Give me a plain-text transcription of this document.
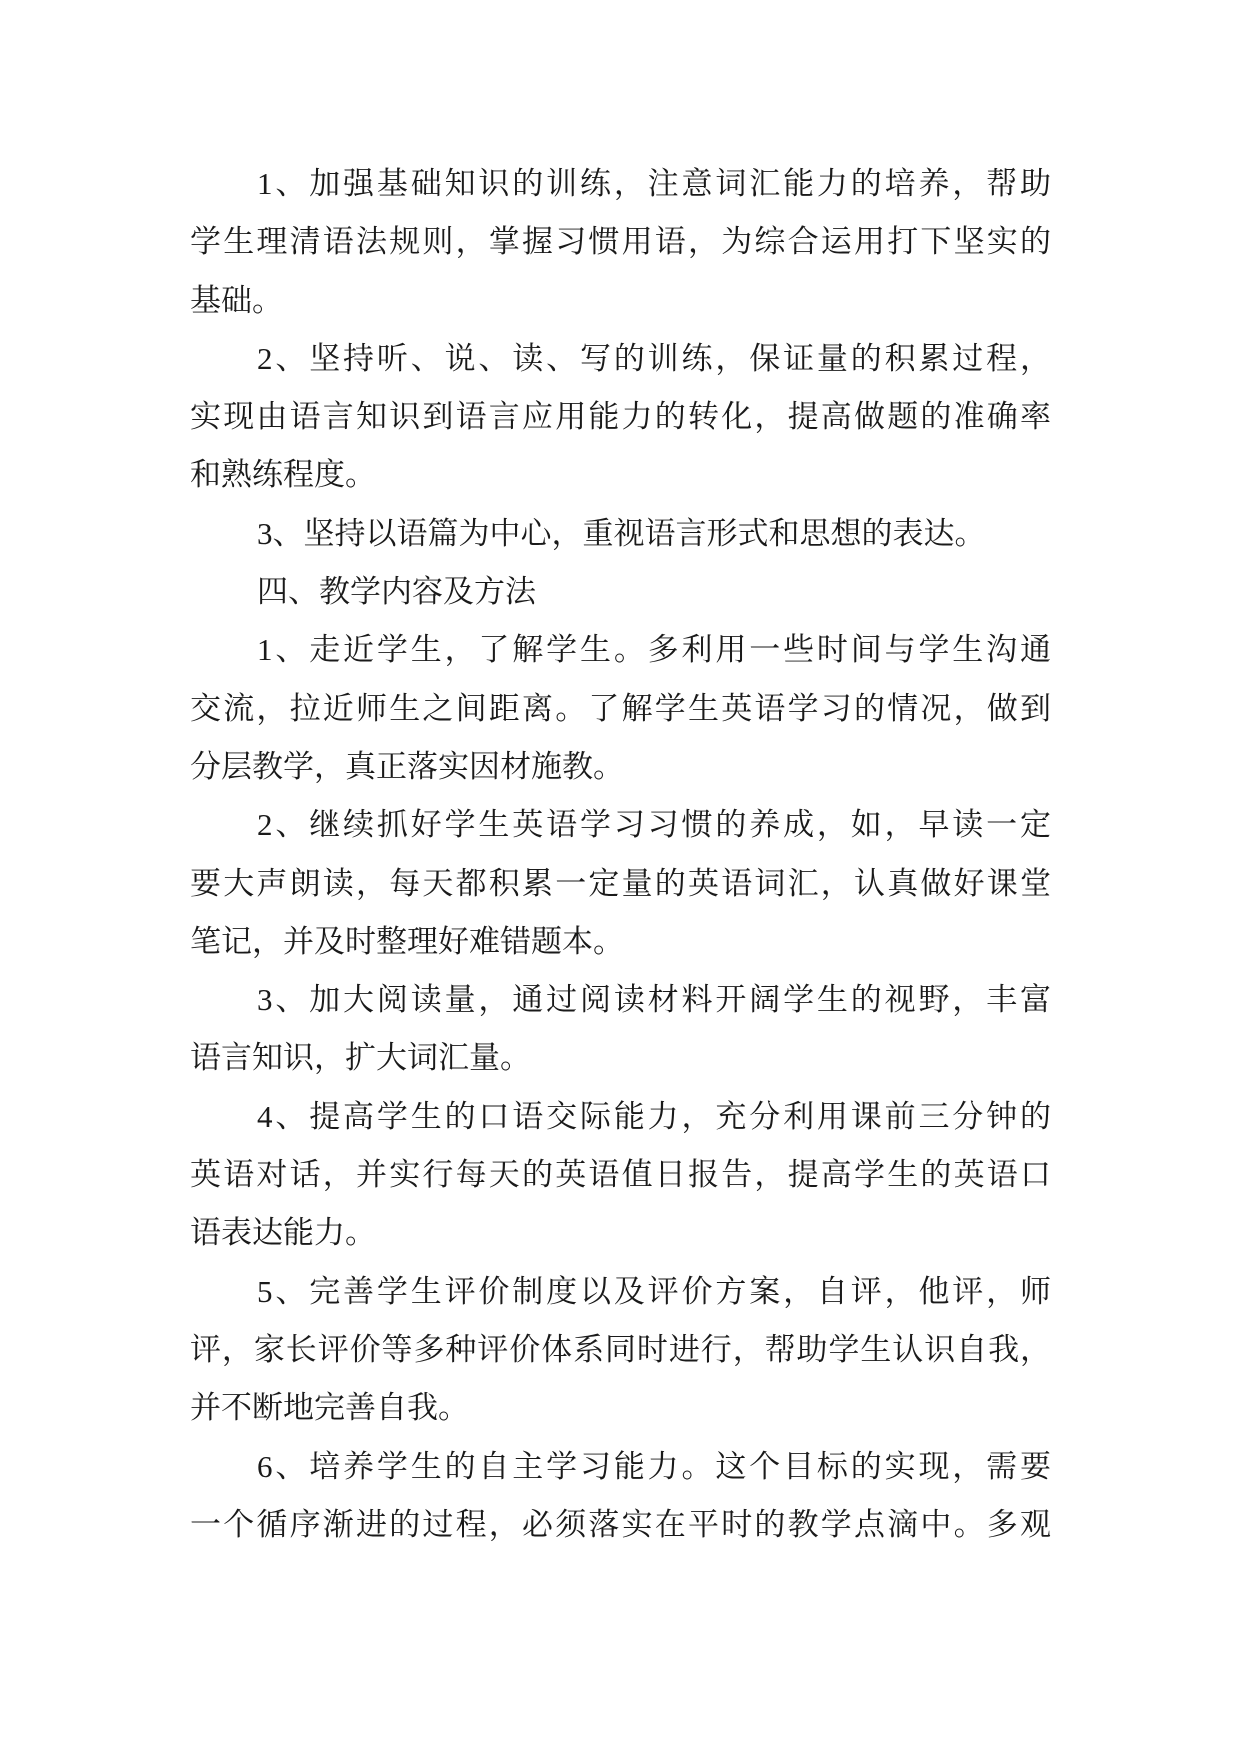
1、加强基础知识的训练，注意词汇能力的培养，帮助
学生理清语法规则，掌握习惯用语，为综合运用打下坚实的
基础。
2、坚持听、说、读、写的训练，保证量的积累过程，
实现由语言知识到语言应用能力的转化，提高做题的准确率
和熟练程度。
3、坚持以语篇为中心，重视语言形式和思想的表达。
四、教学内容及方法
1、走近学生，了解学生。多利用一些时间与学生沟通
交流，拉近师生之间距离。了解学生英语学习的情况，做到
分层教学，真正落实因材施教。
2、继续抓好学生英语学习习惯的养成，如，早读一定
要大声朗读，每天都积累一定量的英语词汇，认真做好课堂
笔记，并及时整理好难错题本。
3、加大阅读量，通过阅读材料开阔学生的视野，丰富
语言知识，扩大词汇量。
4、提高学生的口语交际能力，充分利用课前三分钟的
英语对话，并实行每天的英语值日报告，提高学生的英语口
语表达能力。
5、完善学生评价制度以及评价方案，自评，他评，师
评，家长评价等多种评价体系同时进行，帮助学生认识自我，
并不断地完善自我。
6、培养学生的自主学习能力。这个目标的实现，需要
一个循序渐进的过程，必须落实在平时的教学点滴中。多观
